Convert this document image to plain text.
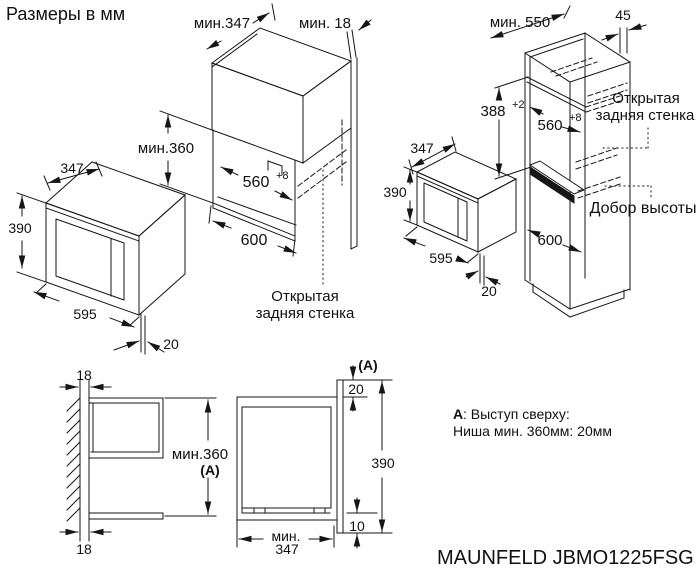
Размеры в мм
347
390
595
20
мин.347	мин. 18
мин.360
560 +8
600
Открытая
задняя стенка
347
390
595
20
мин. 550	45
388 +2
560 +8
600
Открытая
задняя стенка
Добор высоты
18
18
мин.360
(A)
(A)
20
390
10
мин.
347
А : Выступ сверху:
Ниша мин. 360мм: 20мм
MAUNFELD JBMO1225FSG
